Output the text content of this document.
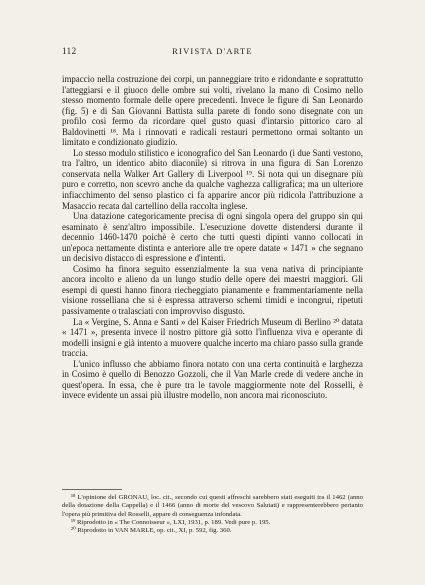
112	RIVISTA D'ARTE

impaccio nella costruzione dei corpi, un panneggiare trito e ridondante e soprattutto l'atteggiarsi e il giuoco delle ombre sui volti, rivelano la mano di Cosimo nello stesso momento formale delle opere precedenti. Invece le figure di San Leonardo (fig. 5) e di San Giovanni Battista sulla parete di fondo sono disegnate con un profilo così fermo da ricordare quel gusto quasi d'intarsio pittorico caro al Baldovinetti ¹⁸. Ma i rinnovati e radicali restauri permettono ormai soltanto un limitato e condizionato giudizio.

Lo stesso modulo stilistico e iconografico del San Leonardo (i due Santi vestono, tra l'altro, un identico abito diaconile) si ritrova in una figura di San Lorenzo conservata nella Walker Art Gallery di Liverpool ¹⁹. Si nota qui un disegnare più puro e corretto, non scevro anche da qualche vaghezza calligrafica; ma un ulteriore infiacchimento del senso plastico ci fa apparire ancor più ridicola l'attribuzione a Masaccio recata dal cartellino della raccolta inglese.

Una datazione categoricamente precisa di ogni singola opera del gruppo sin qui esaminato è senz'altro impossibile. L'esecuzione dovette distendersi durante il decennio 1460-1470 poichè è certo che tutti questi dipinti vanno collocati in un'epoca nettamente distinta e anteriore alle tre opere datate « 1471 » che segnano un decisivo distacco di espressione e d'intenti.

Cosimo ha finora seguito essenzialmente la sua vena nativa di principiante ancora incolto e alieno da un lungo studio delle opere dei maestri maggiori. Gli esempi di questi hanno finora riecheggiato pianamente e frammentariamente nella visione rosselliana che si è espressa attraverso schemi timidi e incongrui, ripetuti passivamente o tralasciati con improvviso disgusto.

La « Vergine, S. Anna e Santi » del Kaiser Friedrich Museum di Berlino ²⁰ datata « 1471 », presenta invece il nostro pittore già sotto l'influenza viva e operante di modelli insigni e già intento a muovere qualche incerto ma chiaro passo sulla grande traccia.

L'unico influsso che abbiamo finora notato con una certa continuità e larghezza in Cosimo è quello di Benozzo Gozzoli, che il Van Marle crede di vedere anche in quest'opera. In essa, che è pure tra le tavole maggiormente note del Rosselli, è invece evidente un assai più illustre modello, non ancora mai riconosciuto.

¹⁸ L'opinione del GRONAU, loc. cit., secondo cui questi affreschi sarebbero stati eseguiti tra il 1462 (anno della dotazione della Cappella) e il 1466 (anno di morte del vescovo Salutati) e rappresenterebbero pertanto l'opera più primitiva del Rosselli, appare di conseguenza infondata.

¹⁹ Riprodotto in « The Connoisseur », LXI, 1931, p. 189. Vedi pure p. 195.

²⁰ Riprodotto in VAN MARLE, op. cit., XI, p. 592, fig. 360.
